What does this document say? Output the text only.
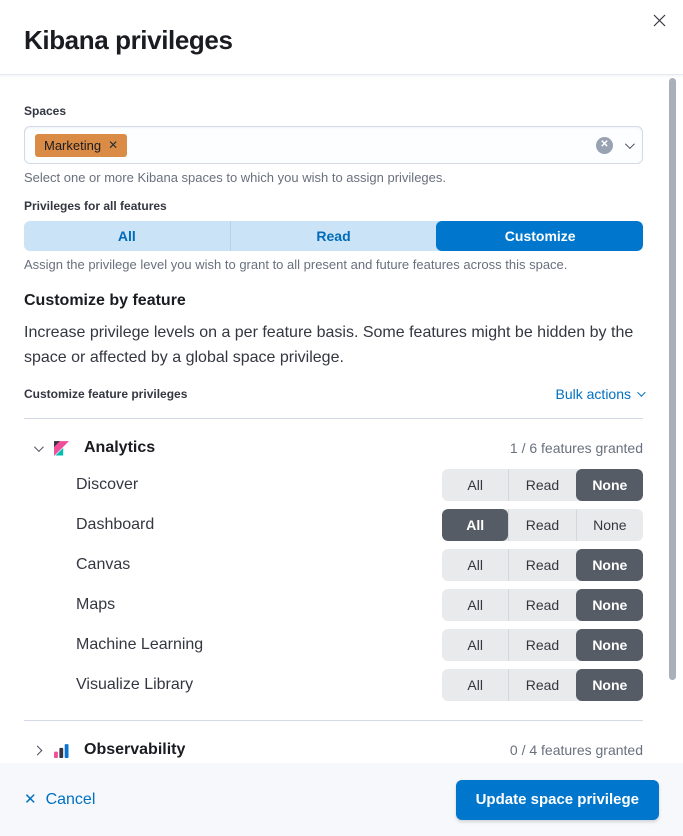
Kibana privileges
Spaces
Marketing ✕	✕
Select one or more Kibana spaces to which you wish to assign privileges.
Privileges for all features
All	Read	Customize
Assign the privilege level you wish to grant to all present and future features across this space.
Customize by feature
Increase privilege levels on a per feature basis. Some features might be hidden by the space or affected by a global space privilege.
Customize feature privileges	Bulk actions
Analytics	1 / 6 features granted
Discover	All	Read	None
Dashboard	All	Read	None
Canvas	All	Read	None
Maps	All	Read	None
Machine Learning	All	Read	None
Visualize Library	All	Read	None
Observability	0 / 4 features granted
✕ Cancel	Update space privilege
